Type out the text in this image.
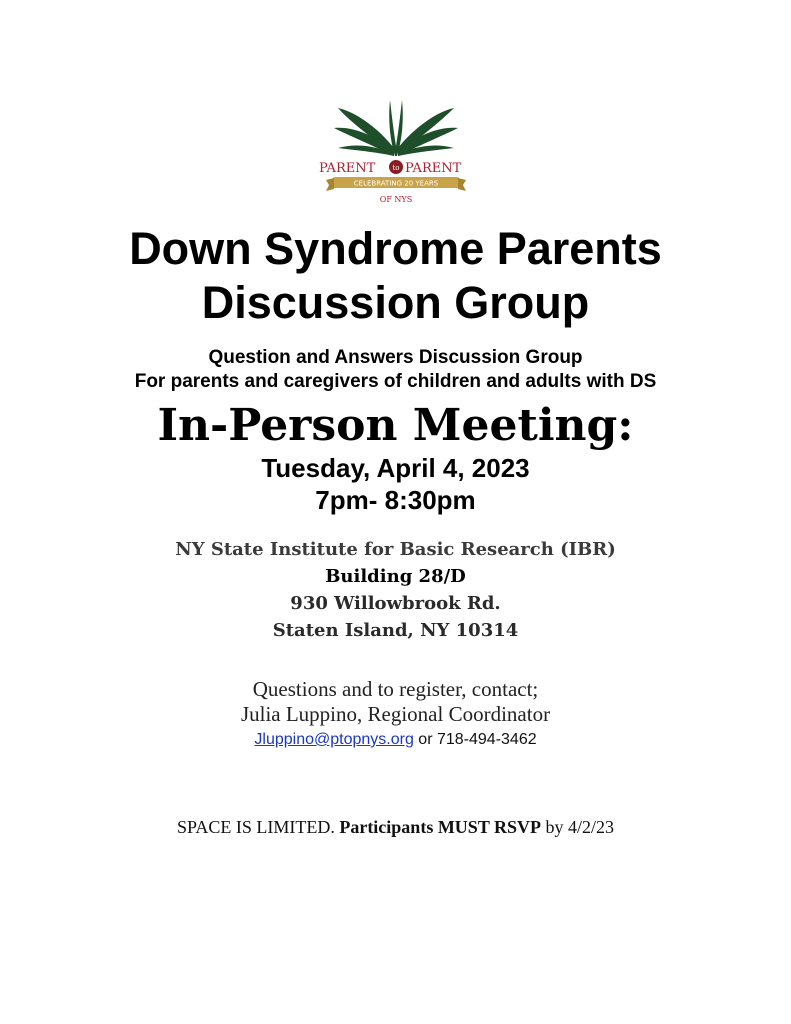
PARENT to PARENT
CELEBRATING 20 YEARS
OF NYS
Down Syndrome Parents
Discussion Group
Question and Answers Discussion Group
For parents and caregivers of children and adults with DS
In-Person Meeting:
Tuesday, April 4, 2023
7pm- 8:30pm
NY State Institute for Basic Research (IBR)
Building 28/D
930 Willowbrook Rd.
Staten Island, NY 10314
Questions and to register, contact;
Julia Luppino, Regional Coordinator
Jluppino@ptopnys.org or 718-494-3462
SPACE IS LIMITED. Participants MUST RSVP by 4/2/23
